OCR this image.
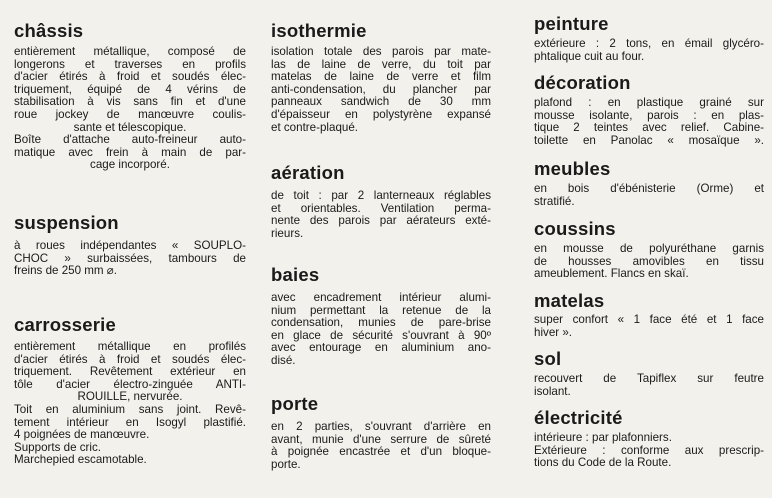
châssis

entièrement métallique, composé de

longerons et traverses en profils

d'acier étirés à froid et soudés élec-

triquement, équipé de 4 vérins de

stabilisation à vis sans fin et d'une

roue jockey de manœuvre coulis-

sante et télescopique.

Boîte d'attache auto-freineur auto-

matique avec frein à main de par-

cage incorporé.

suspension

à roues indépendantes « SOUPLO-

CHOC » surbaissées, tambours de

freins de 250 mm ⌀.

carrosserie

entièrement métallique en profilés

d'acier étirés à froid et soudés élec-

triquement. Revêtement extérieur en

tôle d'acier électro-zinguée ANTI-

ROUILLE, nervurée.

Toit en aluminium sans joint. Revê-

tement intérieur en Isogyl plastifié.

4 poignées de manœuvre.

Supports de cric.

Marchepied escamotable.

isothermie

isolation totale des parois par mate-

las de laine de verre, du toit par

matelas de laine de verre et film

anti-condensation, du plancher par

panneaux sandwich de 30 mm

d'épaisseur en polystyrène expansé

et contre-plaqué.

aération

de toit : par 2 lanterneaux réglables

et orientables. Ventilation perma-

nente des parois par aérateurs exté-

rieurs.

baies

avec encadrement intérieur alumi-

nium permettant la retenue de la

condensation, munies de pare-brise

en glace de sécurité s'ouvrant à 90º

avec entourage en aluminium ano-

disé.

porte

en 2 parties, s'ouvrant d'arrière en

avant, munie d'une serrure de sûreté

à poignée encastrée et d'un bloque-

porte.

peinture

extérieure : 2 tons, en émail glycéro-

phtalique cuit au four.

décoration

plafond : en plastique grainé sur

mousse isolante, parois : en plas-

tique 2 teintes avec relief. Cabine-

toilette en Panolac « mosaïque ».

meubles

en bois d'ébénisterie (Orme) et

stratifié.

coussins

en mousse de polyuréthane garnis

de housses amovibles en tissu

ameublement. Flancs en skaï.

matelas

super confort « 1 face été et 1 face

hiver ».

sol

recouvert de Tapiflex sur feutre

isolant.

électricité

intérieure : par plafonniers.

Extérieure : conforme aux prescrip-

tions du Code de la Route.
